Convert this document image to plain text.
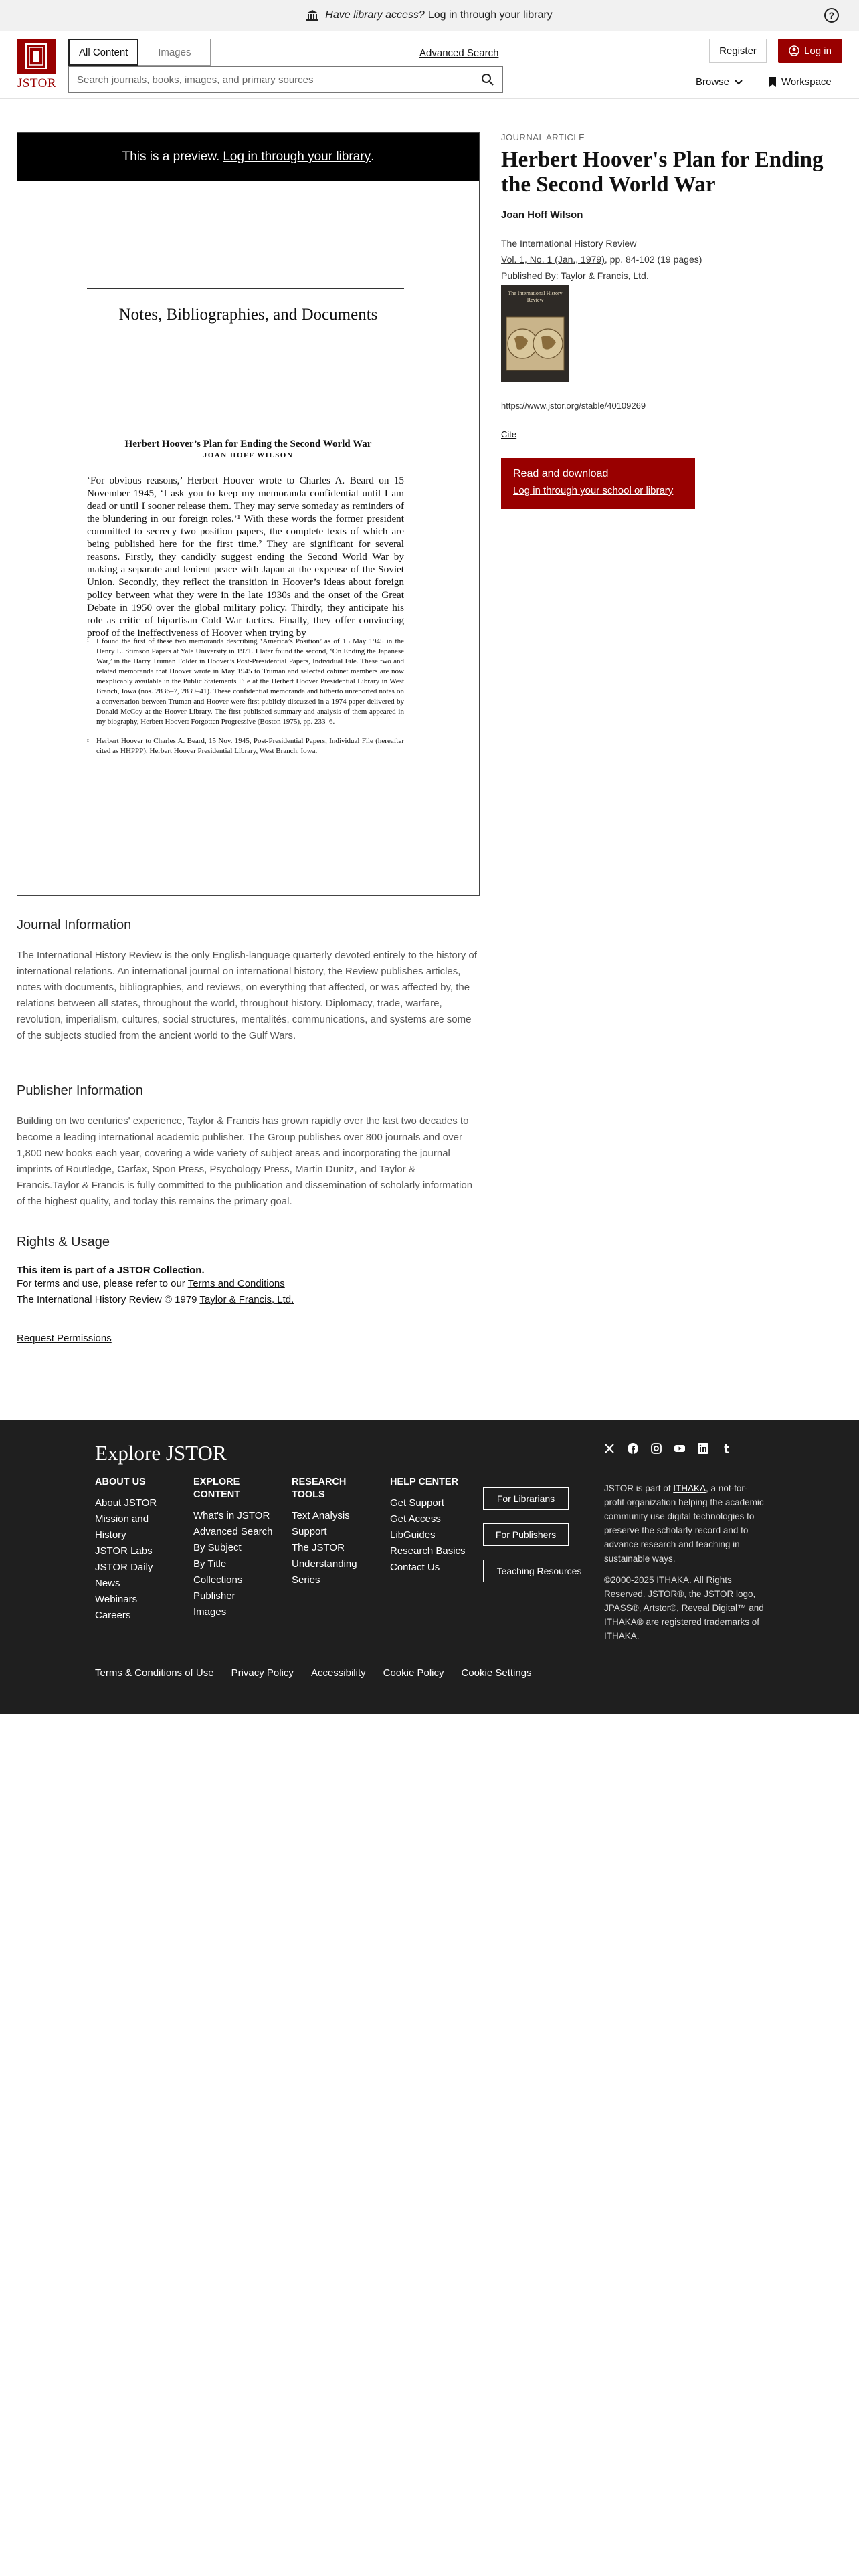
Have library access? Log in through your library	?
JSTOR
All Content	Images	Advanced Search
Search journals, books, images, and primary sources
Register	Log in
Browse	Workspace
This is a preview. Log in through your library .
Notes, Bibliographies, and Documents
Herbert Hoover’s Plan for Ending the Second World War
JOAN HOFF WILSON
‘For obvious reasons,’ Herbert Hoover wrote to Charles A. Beard on 15 November 1945, ‘I ask you to keep my memoranda confidential until I am dead or until I sooner release them. They may serve someday as reminders of the blundering in our foreign roles.’¹ With these words the former president committed to secrecy two position papers, the complete texts of which are being published here for the first time.² They are significant for several reasons. Firstly, they candidly suggest ending the Second World War by making a separate and lenient peace with Japan at the expense of the Soviet Union. Secondly, they reflect the transition in Hoover’s ideas about foreign policy between what they were in the late 1930s and the onset of the Great Debate in 1950 over the global military policy. Thirdly, they anticipate his role as critic of bipartisan Cold War tactics. Finally, they offer convincing proof of the ineffectiveness of Hoover when trying by

¹ I found the first of these two memoranda describing ‘America’s Position’ as of 15 May 1945 in the Henry L. Stimson Papers at Yale University in 1971. I later found the second, ‘On Ending the Japanese War,’ in the Harry Truman Folder in Hoover’s Post-Presidential Papers, Individual File. These two and related memoranda that Hoover wrote in May 1945 to Truman and selected cabinet members are now inexplicably available in the Public Statements File at the Herbert Hoover Presidential Library in West Branch, Iowa (nos. 2836–7, 2839–41). These confidential memoranda and hitherto unreported notes on a conversation between Truman and Hoover were first publicly discussed in a 1974 paper delivered by Donald McCoy at the Hoover Library. The first published summary and analysis of them appeared in my biography, Herbert Hoover: Forgotten Progressive (Boston 1975), pp. 233–6.

² Herbert Hoover to Charles A. Beard, 15 Nov. 1945, Post-Presidential Papers, Individual File (hereafter cited as HHPPP), Herbert Hoover Presidential Library, West Branch, Iowa.

JOURNAL ARTICLE
Herbert Hoover's Plan for Ending the Second World War
Joan Hoff Wilson
The International History Review
Vol. 1, No. 1 (Jan., 1979), pp. 84-102 (19 pages)
Published By: Taylor & Francis, Ltd.
The International History Review
https://www.jstor.org/stable/40109269
Cite
Read and download
Log in through your school or library
Journal Information

The International History Review is the only English-language quarterly devoted entirely to the history of international relations. An international journal on international history, the Review publishes articles, notes with documents, bibliographies, and reviews, on everything that affected, or was affected by, the relations between all states, throughout the world, throughout history. Diplomacy, trade, warfare, revolution, imperialism, cultures, social structures, mentalités, communications, and systems are some of the subjects studied from the ancient world to the Gulf Wars.

Publisher Information

Building on two centuries' experience, Taylor & Francis has grown rapidly over the last two decades to become a leading international academic publisher. The Group publishes over 800 journals and over 1,800 new books each year, covering a wide variety of subject areas and incorporating the journal imprints of Routledge, Carfax, Spon Press, Psychology Press, Martin Dunitz, and Taylor & Francis.Taylor & Francis is fully committed to the publication and dissemination of scholarly information of the highest quality, and today this remains the primary goal.

Rights & Usage
This item is part of a JSTOR Collection.
For terms and use, please refer to our Terms and Conditions
The International History Review © 1979 Taylor & Francis, Ltd.
Request Permissions
Explore JSTOR
ABOUT US
About JSTOR
Mission and History
JSTOR Labs
JSTOR Daily
News
Webinars
Careers
EXPLORE CONTENT
What's in JSTOR
Advanced Search
By Subject
By Title
Collections
Publisher
Images
RESEARCH TOOLS
Text Analysis Support
The JSTOR Understanding Series
HELP CENTER
Get Support
Get Access
LibGuides
Research Basics
Contact Us
For Librarians
For Publishers
Teaching Resources
JSTOR is part of ITHAKA, a not-for-profit organization helping the academic community use digital technologies to preserve the scholarly record and to advance research and teaching in sustainable ways.
©2000-2025 ITHAKA. All Rights Reserved. JSTOR®, the JSTOR logo, JPASS®, Artstor®, Reveal Digital™ and ITHAKA® are registered trademarks of ITHAKA.
Terms & Conditions of Use Privacy Policy Accessibility Cookie Policy Cookie Settings
